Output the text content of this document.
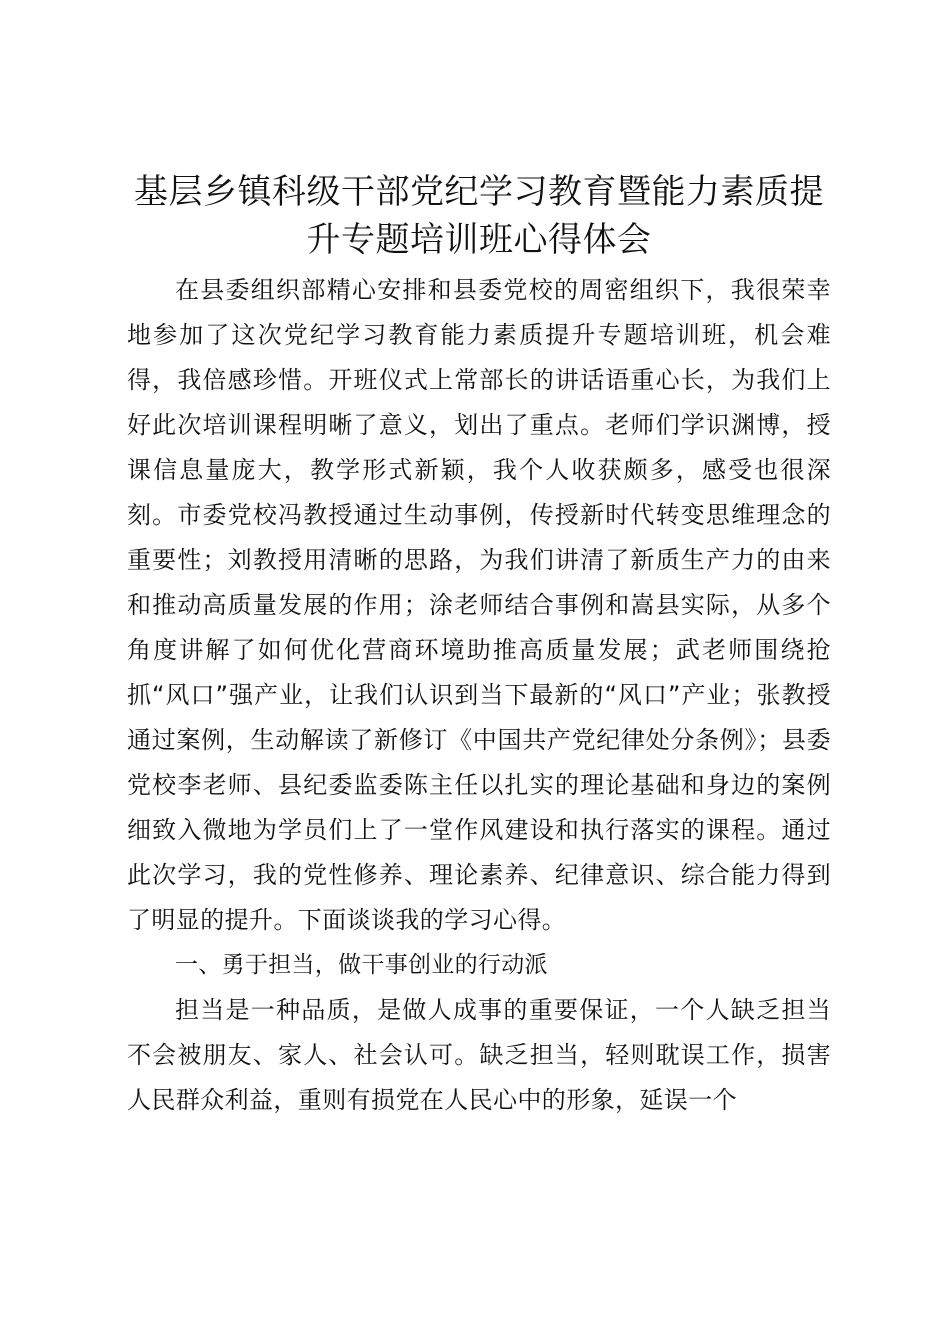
基层乡镇科级干部党纪学习教育暨能力素质提升专题培训班心得体会

在县委组织部精心安排和县委党校的周密组织下，我很荣幸地参加了这次党纪学习教育能力素质提升专题培训班，机会难得，我倍感珍惜。开班仪式上常部长的讲话语重心长，为我们上好此次培训课程明晰了意义，划出了重点。老师们学识渊博，授课信息量庞大，教学形式新颖，我个人收获颇多，感受也很深刻。市委党校冯教授通过生动事例，传授新时代转变思维理念的重要性；刘教授用清晰的思路，为我们讲清了新质生产力的由来和推动高质量发展的作用；涂老师结合事例和嵩县实际，从多个角度讲解了如何优化营商环境助推高质量发展；武老师围绕抢抓“风口”强产业，让我们认识到当下最新的“风口”产业；张教授通过案例，生动解读了新修订《中国共产党纪律处分条例》；县委党校李老师、县纪委监委陈主任以扎实的理论基础和身边的案例细致入微地为学员们上了一堂作风建设和执行落实的课程。通过此次学习，我的党性修养、理论素养、纪律意识、综合能力得到了明显的提升。下面谈谈我的学习心得。

一、勇于担当，做干事创业的行动派

担当是一种品质，是做人成事的重要保证，一个人缺乏担当不会被朋友、家人、社会认可。缺乏担当，轻则耽误工作，损害人民群众利益，重则有损党在人民心中的形象，延误一个
